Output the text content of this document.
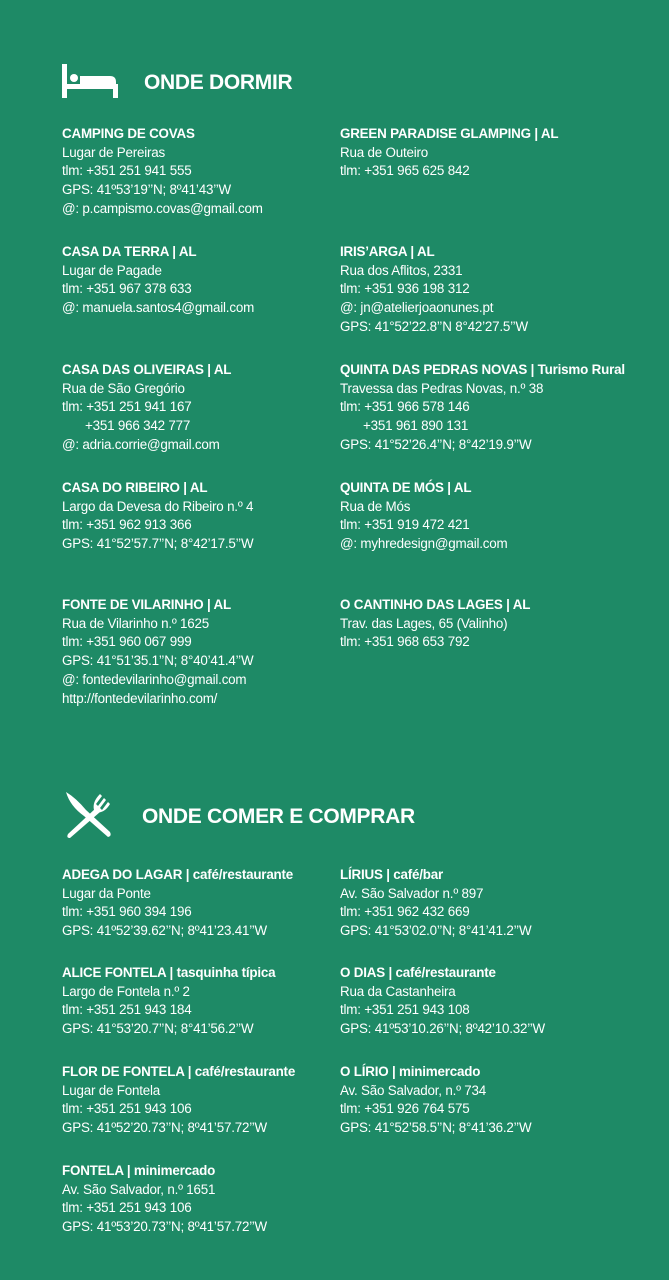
ONDE DORMIR
CAMPING DE COVAS
Lugar de Pereiras
tlm: +351 251 941 555
GPS: 41º53’19’’N; 8º41’43’’W
@: p.campismo.covas@gmail.com
GREEN PARADISE GLAMPING | AL
Rua de Outeiro
tlm: +351 965 625 842
CASA DA TERRA | AL
Lugar de Pagade
tlm: +351 967 378 633
@: manuela.santos4@gmail.com
IRIS’ARGA | AL
Rua dos Aflitos, 2331
tlm: +351 936 198 312
@: jn@atelierjoaonunes.pt
GPS: 41°52’22.8’’N 8°42’27.5’’W
CASA DAS OLIVEIRAS | AL
Rua de São Gregório
tlm: +351 251 941 167
+351 966 342 777
@: adria.corrie@gmail.com
QUINTA DAS PEDRAS NOVAS | Turismo Rural
Travessa das Pedras Novas, n.º 38
tlm: +351 966 578 146
+351 961 890 131
GPS: 41°52’26.4’’N; 8°42’19.9’’W
CASA DO RIBEIRO | AL
Largo da Devesa do Ribeiro n.º 4
tlm: +351 962 913 366
GPS: 41°52’57.7’’N; 8°42’17.5’’W
QUINTA DE MÓS | AL
Rua de Mós
tlm: +351 919 472 421
@: myhredesign@gmail.com
FONTE DE VILARINHO | AL
Rua de Vilarinho n.º 1625
tlm: +351 960 067 999
GPS: 41°51’35.1’’N; 8°40’41.4’’W
@: fontedevilarinho@gmail.com
http://fontedevilarinho.com/
O CANTINHO DAS LAGES | AL
Trav. das Lages, 65 (Valinho)
tlm: +351 968 653 792
ONDE COMER E COMPRAR
ADEGA DO LAGAR | café/restaurante
Lugar da Ponte
tlm: +351 960 394 196
GPS: 41º52’39.62’’N; 8º41’23.41’’W
LÍRIUS | café/bar
Av. São Salvador n.º 897
tlm: +351 962 432 669
GPS: 41°53’02.0’’N; 8°41’41.2’’W
ALICE FONTELA | tasquinha típica
Largo de Fontela n.º 2
tlm: +351 251 943 184
GPS: 41°53’20.7’’N; 8°41’56.2’’W
O DIAS | café/restaurante
Rua da Castanheira
tlm: +351 251 943 108
GPS: 41º53’10.26’’N; 8º42’10.32’’W
FLOR DE FONTELA | café/restaurante
Lugar de Fontela
tlm: +351 251 943 106
GPS: 41º52’20.73’’N; 8º41’57.72’’W
O LÍRIO | minimercado
Av. São Salvador, n.º 734
tlm: +351 926 764 575
GPS: 41°52’58.5’’N; 8°41’36.2’’W
FONTELA | minimercado
Av. São Salvador, n.º 1651
tlm: +351 251 943 106
GPS: 41º53’20.73’’N; 8º41’57.72’’W
